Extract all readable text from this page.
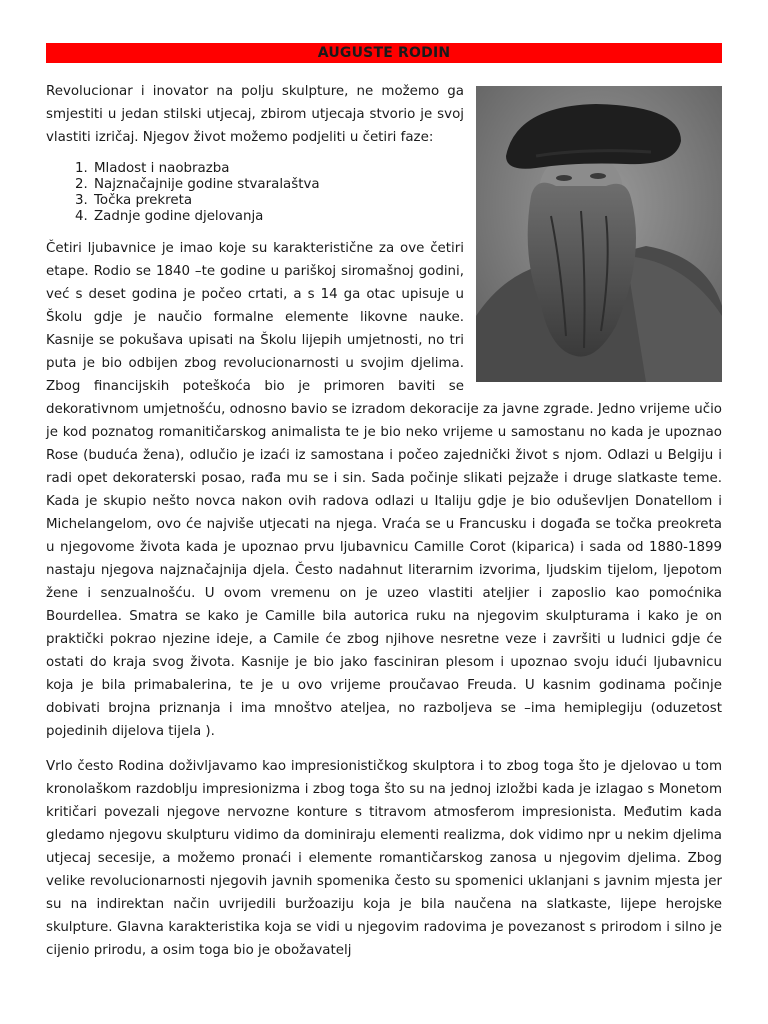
AUGUSTE RODIN

Revolucionar i inovator na polju skulpture, ne možemo ga smjestiti u jedan stilski utjecaj, zbirom utjecaja stvorio je svoj vlastiti izričaj. Njegov život možemo podjeliti u četiri faze:

1. Mladost i naobrazba
2. Najznačajnije godine stvaralaštva
3. Točka prekreta
4. Zadnje godine djelovanja

Četiri ljubavnice je imao koje su karakteristične za ove četiri etape. Rodio se 1840 –te godine u pariškoj siromašnoj godini, već s deset godina je počeo crtati, a s 14 ga otac upisuje u Školu gdje je naučio formalne elemente likovne nauke. Kasnije se pokušava upisati na Školu lijepih umjetnosti, no tri puta je bio odbijen zbog revolucionarnosti u svojim djelima. Zbog financijskih poteškoća bio je primoren baviti se dekorativnom umjetnošću, odnosno bavio se izradom dekoracije za javne zgrade. Jedno vrijeme učio je kod poznatog romanitičarskog animalista te je bio neko vrijeme u samostanu no kada je upoznao Rose (buduća žena), odlučio je izaći iz samostana i počeo zajednički život s njom. Odlazi u Belgiju i radi opet dekoraterski posao, rađa mu se i sin. Sada počinje slikati pejzaže i druge slatkaste teme. Kada je skupio nešto novca nakon ovih radova odlazi u Italiju gdje je bio oduševljen Donatellom i Michelangelom, ovo će najviše utjecati na njega. Vraća se u Francusku i događa se točka preokreta u njegovome života kada je upoznao prvu ljubavnicu Camille Corot (kiparica) i sada od 1880-1899 nastaju njegova najznačajnija djela. Često nadahnut literarnim izvorima, ljudskim tijelom, ljepotom žene i senzualnošću. U ovom vremenu on je uzeo vlastiti ateljier i zaposlio kao pomoćnika Bourdellea. Smatra se kako je Camille bila autorica ruku na njegovim skulpturama i kako je on praktički pokrao njezine ideje, a Camile će zbog njihove nesretne veze i završiti u ludnici gdje će ostati do kraja svog života. Kasnije je bio jako fasciniran plesom i upoznao svoju idući ljubavnicu koja je bila primabalerina, te je u ovo vrijeme proučavao Freuda. U kasnim godinama počinje dobivati brojna priznanja i ima mnoštvo ateljea, no razboljeva se –ima hemiplegiju (oduzetost pojedinih dijelova tijela ).

Vrlo često Rodina doživljavamo kao impresionističkog skulptora i to zbog toga što je djelovao u tom kronolaškom razdoblju impresionizma i zbog toga što su na jednoj izložbi kada je izlagao s Monetom kritičari povezali njegove nervozne konture s titravom atmosferom impresionista. Međutim kada gledamo njegovu skulpturu vidimo da dominiraju elementi realizma, dok vidimo npr u nekim djelima utjecaj secesije, a možemo pronaći i elemente romantičarskog zanosa u njegovim djelima. Zbog velike revolucionarnosti njegovih javnih spomenika često su spomenici uklanjani s javnim mjesta jer su na indirektan način uvrijedili buržoaziju koja je bila naučena na slatkaste, lijepe herojske skulpture. Glavna karakteristika koja se vidi u njegovim radovima je povezanost s prirodom i silno je cijenio prirodu, a osim toga bio je obožavatelj
